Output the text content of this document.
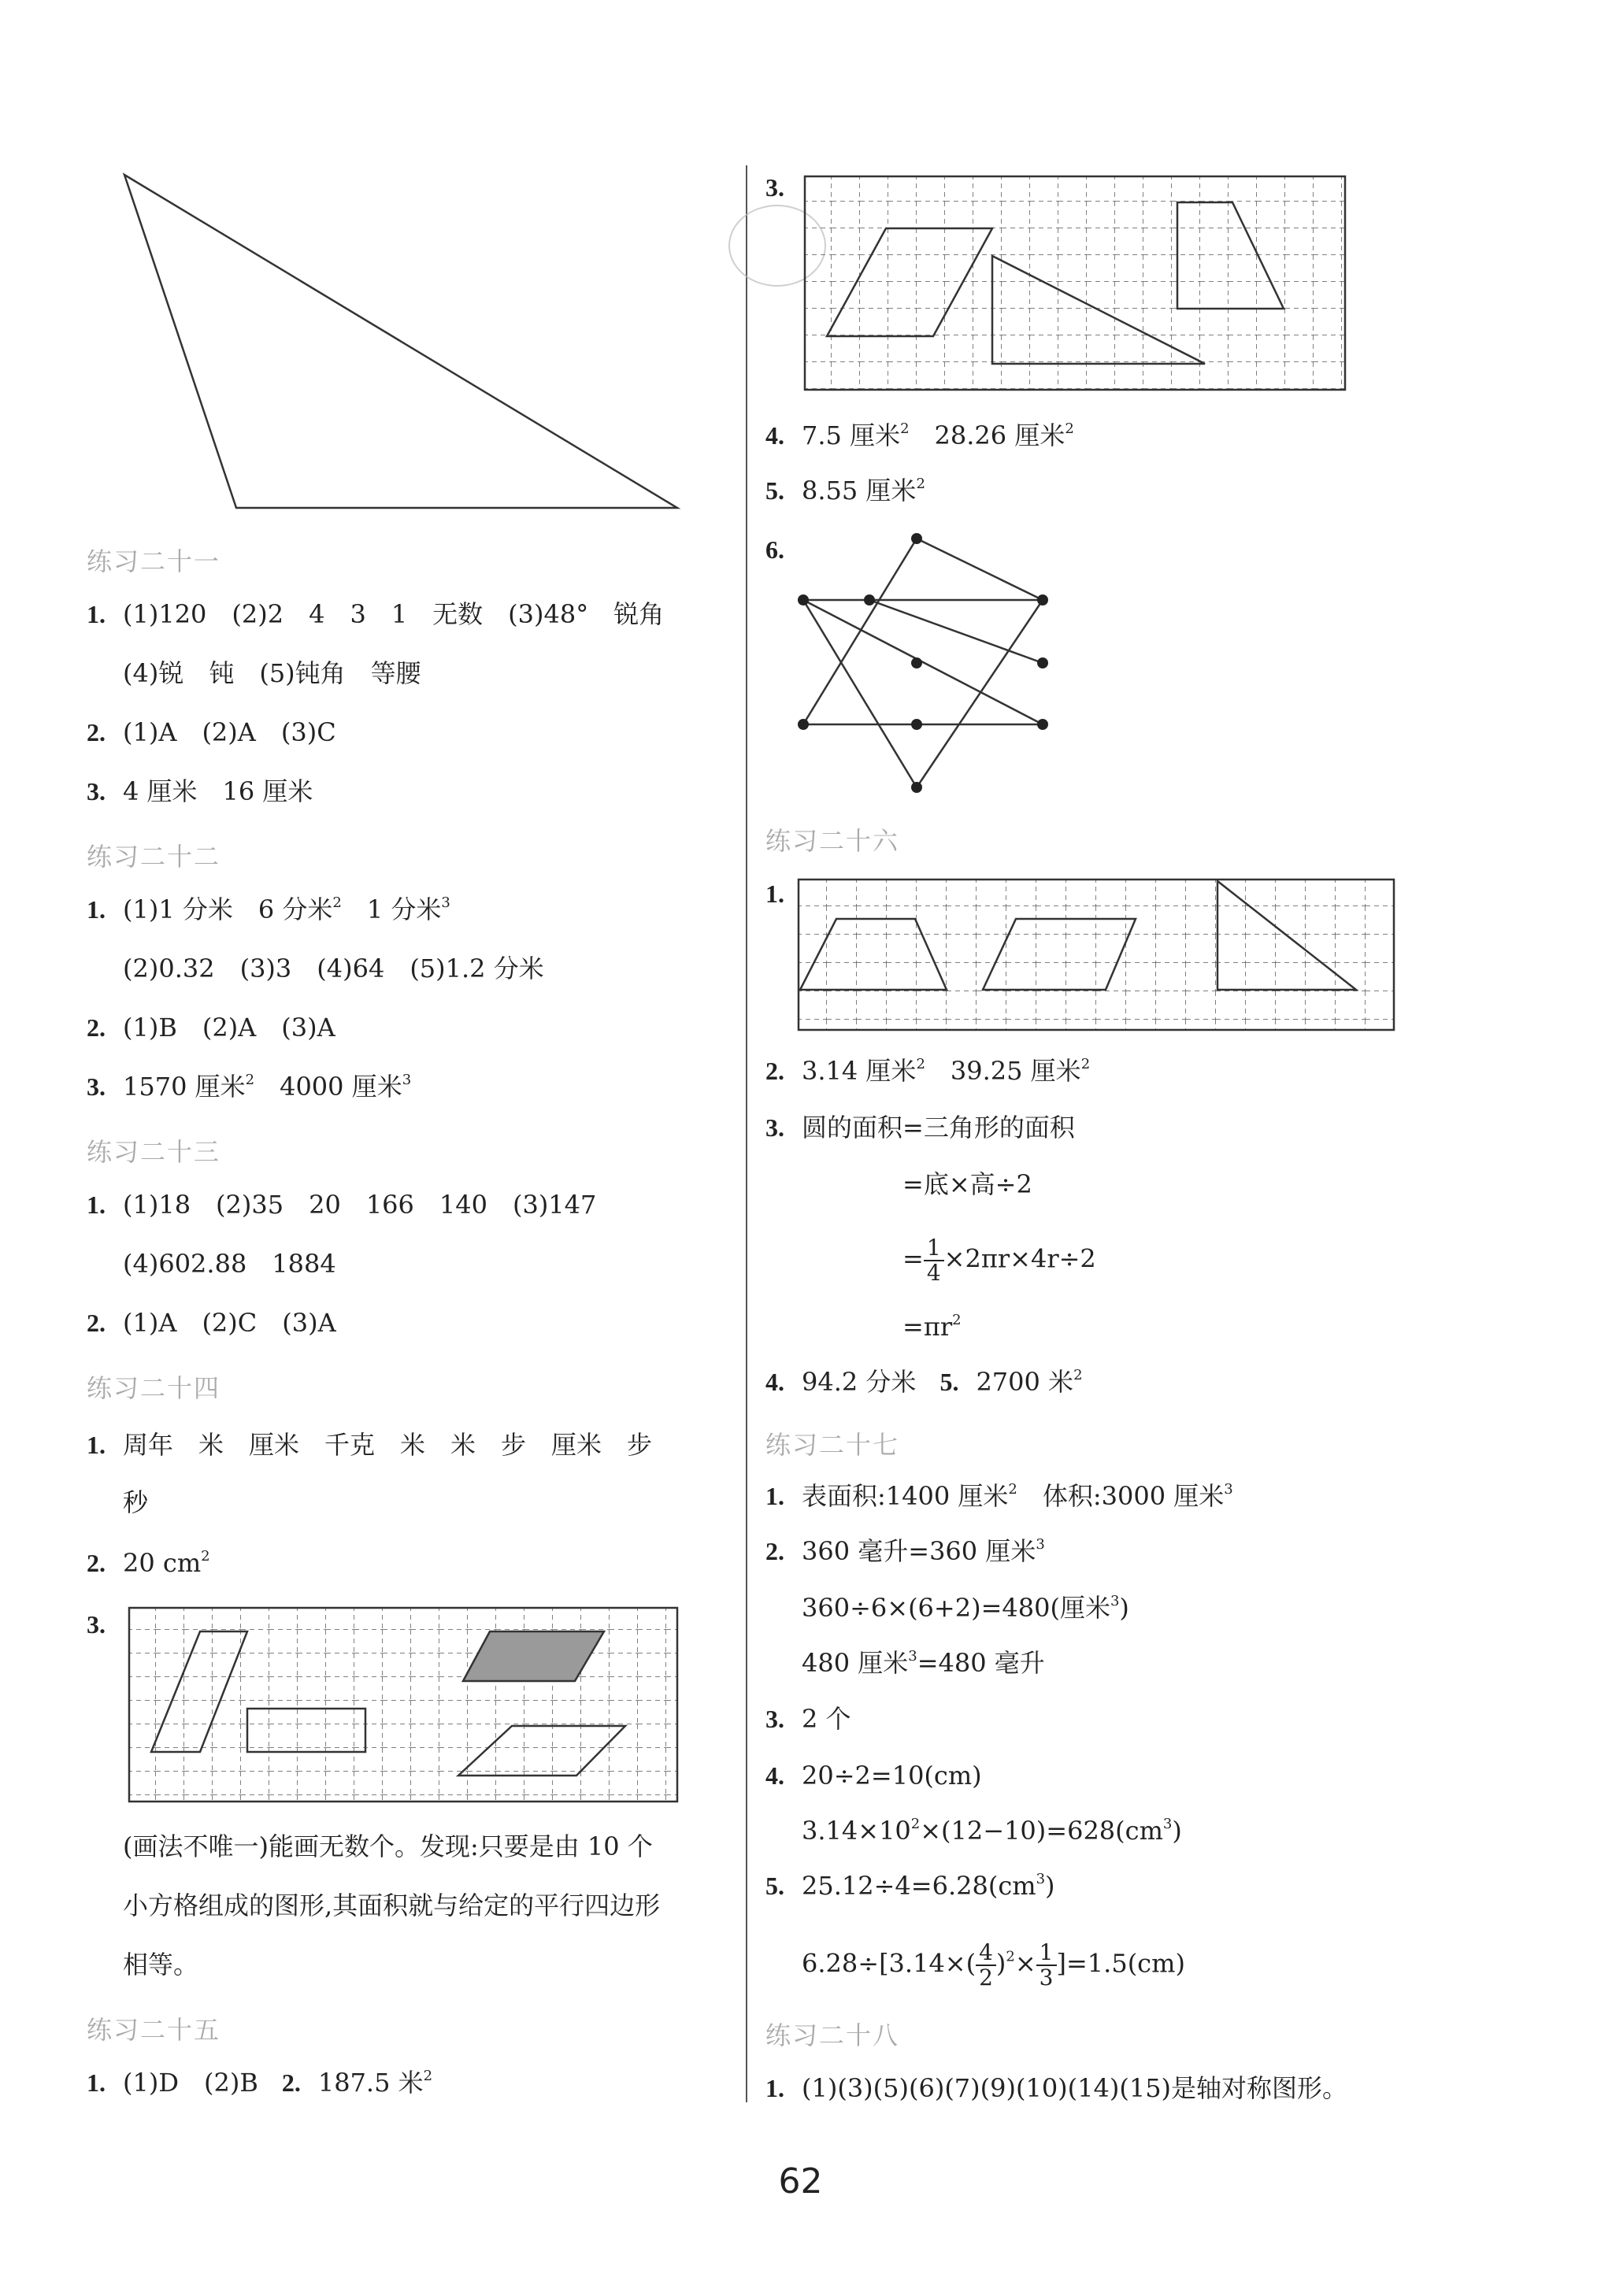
练习二十一
1. (1)120　(2)2　4　3　1　无数　(3)48°　锐角
(4)锐　钝　(5)钝角　等腰
2. (1)A　(2)A　(3)C
3. 4 厘米　16 厘米
练习二十二
1. (1)1 分米　6 分米$^2$　1 分米$^3$
(2)0.32　(3)3　(4)64　(5)1.2 分米
2. (1)B　(2)A　(3)A
3. 1570 厘米$^2$　4000 厘米$^3$
练习二十三
1. (1)18　(2)35　20　166　140　(3)147
(4)602.88　1884
2. (1)A　(2)C　(3)A
练习二十四
1. 周年　米　厘米　千克　米　米　步　厘米　步
秒
2. 20 $cm^2$
3.
(画法不唯一)能画无数个。发现:只要是由 10 个
小方格组成的图形,其面积就与给定的平行四边形
相等。
练习二十五
1. (1)D　(2)B 2. 187.5 米$^2$
3.
4. 7.5 厘米$^2$　28.26 厘米$^2$
5. 8.55 厘米$^2$
6.
练习二十六
1.
2. 3.14 厘米$^2$　39.25 厘米$^2$
3. 圆的面积=三角形的面积
=底×高÷2
= $\frac{1}{4} \times 2\pi r\times 4r\div 2$
$=\pi r^2$
4. 94.2 分米 5. 2700 米$^2$
练习二十七
1. 表面积:1400 厘米$^2$　体积:3000 厘米$^3$
2. 360 毫升=360 厘米$^3$
360÷6×(6+2)=480(厘米$^3$)
480 厘米$^3$=480 毫升
3. 2 个
4. 20÷2=10(cm)
$3.14\times 10^2\times(12-10)=628(cm^3)$
5. $25.12\div 4=6.28(cm^3)$
$6.28\div[3.14\times( \frac{4}{2} )^2\times \frac{1}{3} ]=1.5(cm)$
练习二十八
1. (1)(3)(5)(6)(7)(9)(10)(14)(15)是轴对称图形。
62
